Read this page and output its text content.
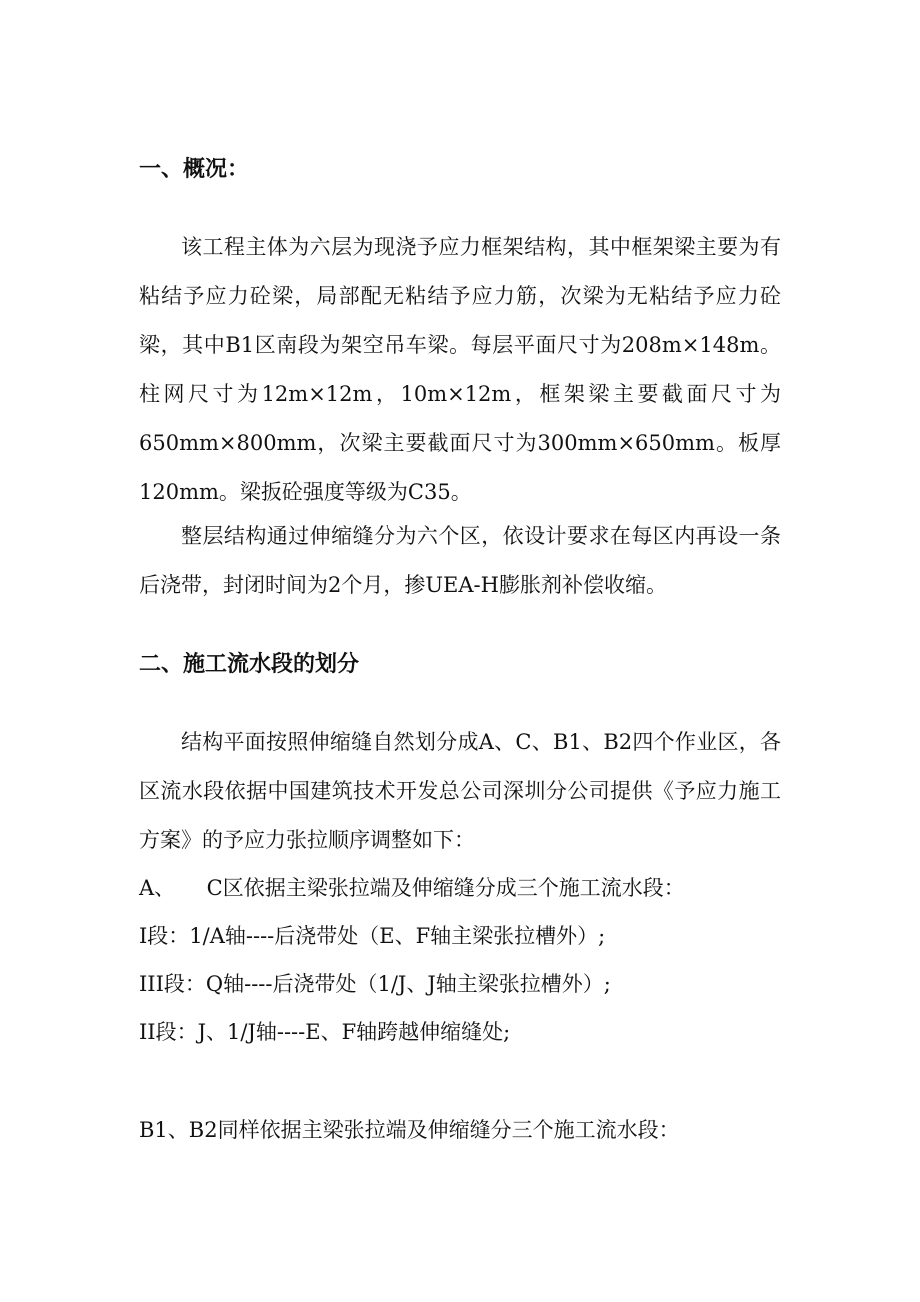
一、概况：
该工程主体为六层为现浇予应力框架结构，其中框架梁主要为有粘结予应力砼梁，局部配无粘结予应力筋，次梁为无粘结予应力砼梁，其中B1区南段为架空吊车梁。每层平面尺寸为208m×148m。柱网尺寸为12m×12m，10m×12m，框架梁主要截面尺寸为650mm×800mm，次梁主要截面尺寸为300mm×650mm。板厚120mm。梁扳砼强度等级为C35。
整层结构通过伸缩缝分为六个区，依设计要求在每区内再设一条后浇带，封闭时间为2个月，掺UEA-H膨胀剂补偿收缩。
二、施工流水段的划分
结构平面按照伸缩缝自然划分成A、C、B1、B2四个作业区，各区流水段依据中国建筑技术开发总公司深圳分公司提供《予应力施工方案》的予应力张拉顺序调整如下：
A、　　C区依据主梁张拉端及伸缩缝分成三个施工流水段：
I段：1/A轴----后浇带处（E、F轴主梁张拉槽外）;
III段：Q轴----后浇带处（1/J、J轴主梁张拉槽外）;
II段：J、1/J轴----E、F轴跨越伸缩缝处;
B1、B2同样依据主梁张拉端及伸缩缝分三个施工流水段：
